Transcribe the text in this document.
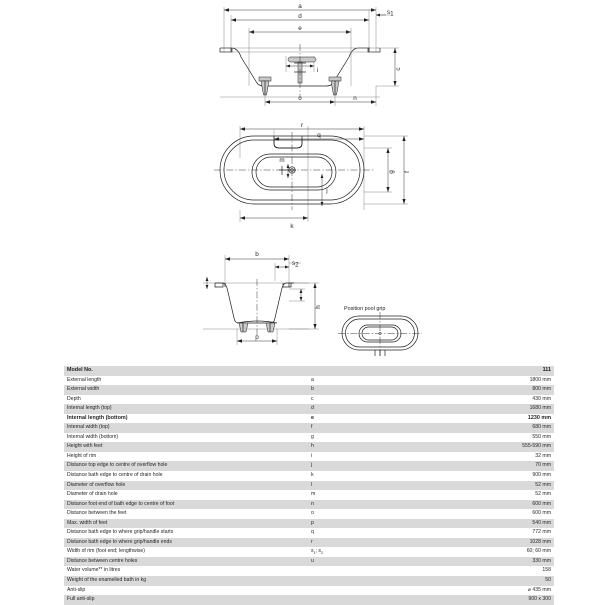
a
d
e
s1
c
i
o	n
r
q
k
f
g
m
j
b
s2
h
p
Position pool grip
Model No.		111
External length	a	1800 mm
External width	b	800 mm
Depth	c	430 mm
Internal length (top)	d	1680 mm
Internal length (bottom)	e	1230 mm
Internal width (top)	f	680 mm
Internal width (bottom)	g	550 mm
Height with feet	h	555-590 mm
Height of rim	i	32 mm
Distance top edge to centre of overflow hole	j	70 mm
Distance bath edge to centre of drain hole	k	900 mm
Diameter of overflow hole	l	52 mm
Diameter of drain hole	m	52 mm
Distance foot end of bath edge to centre of foot	n	600 mm
Distance between the feet	o	600 mm
Max. width of feet	p	540 mm
Distance bath edge to where grip/handle starts	q	772 mm
Distance bath edge to where grip/handle ends	r	1028 mm
Width of rim (foot end; lengthwise)	$s_1$; $s_2$	60; 60 mm
Distance between centre holes	u	330 mm
Water volume** in litres		158
Weight of the enamelled bath in kg		50
Anti-slip		⌀ 435 mm
Full anti-slip		900 x 300
